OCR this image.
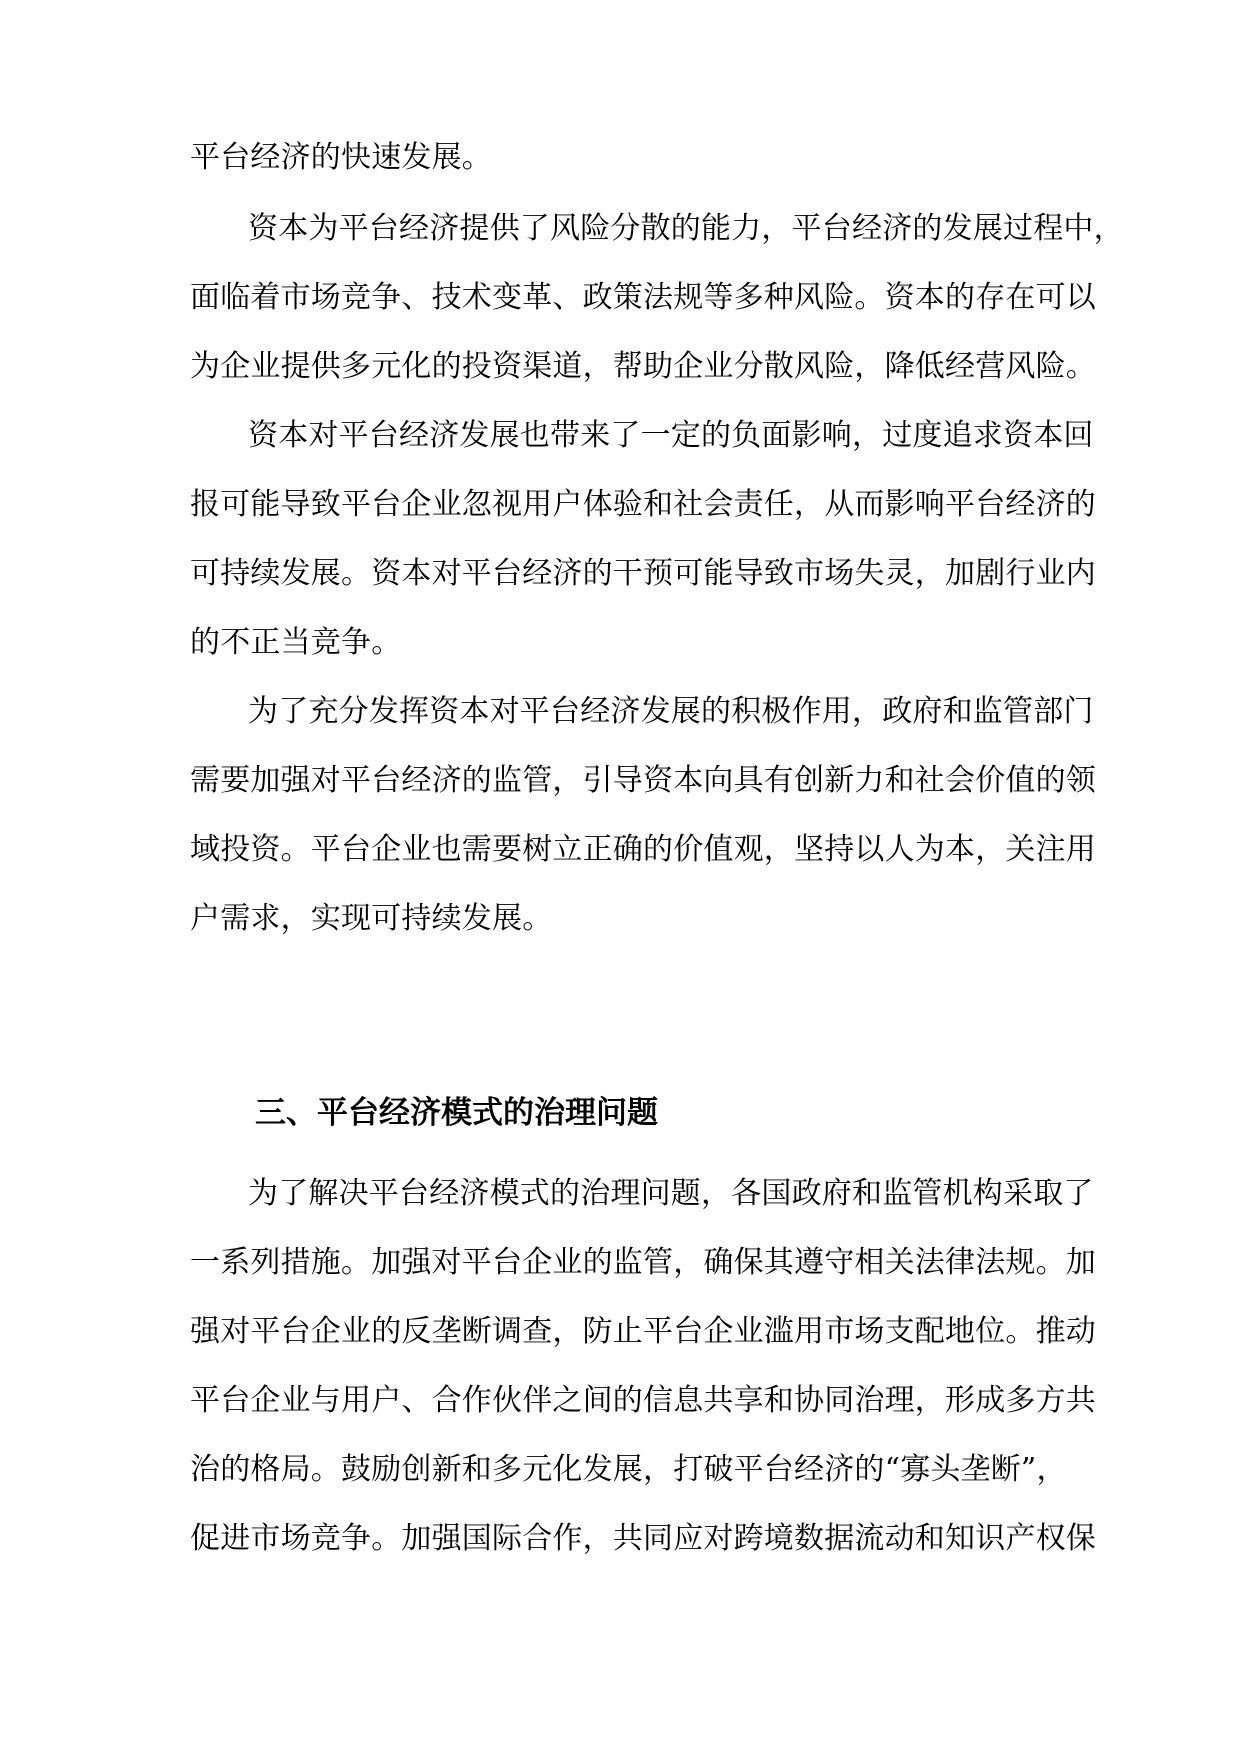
平台经济的快速发展。
资本为平台经济提供了风险分散的能力，平台经济的发展过程中，
面临着市场竞争、技术变革、政策法规等多种风险。资本的存在可以
为企业提供多元化的投资渠道，帮助企业分散风险，降低经营风险。
资本对平台经济发展也带来了一定的负面影响，过度追求资本回
报可能导致平台企业忽视用户体验和社会责任，从而影响平台经济的
可持续发展。资本对平台经济的干预可能导致市场失灵，加剧行业内
的不正当竞争。
为了充分发挥资本对平台经济发展的积极作用，政府和监管部门
需要加强对平台经济的监管，引导资本向具有创新力和社会价值的领
域投资。平台企业也需要树立正确的价值观，坚持以人为本，关注用
户需求，实现可持续发展。
三、平台经济模式的治理问题
为了解决平台经济模式的治理问题，各国政府和监管机构采取了
一系列措施。加强对平台企业的监管，确保其遵守相关法律法规。加
强对平台企业的反垄断调查，防止平台企业滥用市场支配地位。推动
平台企业与用户、合作伙伴之间的信息共享和协同治理，形成多方共
治的格局。鼓励创新和多元化发展，打破平台经济的“寡头垄断”，
促进市场竞争。加强国际合作，共同应对跨境数据流动和知识产权保
